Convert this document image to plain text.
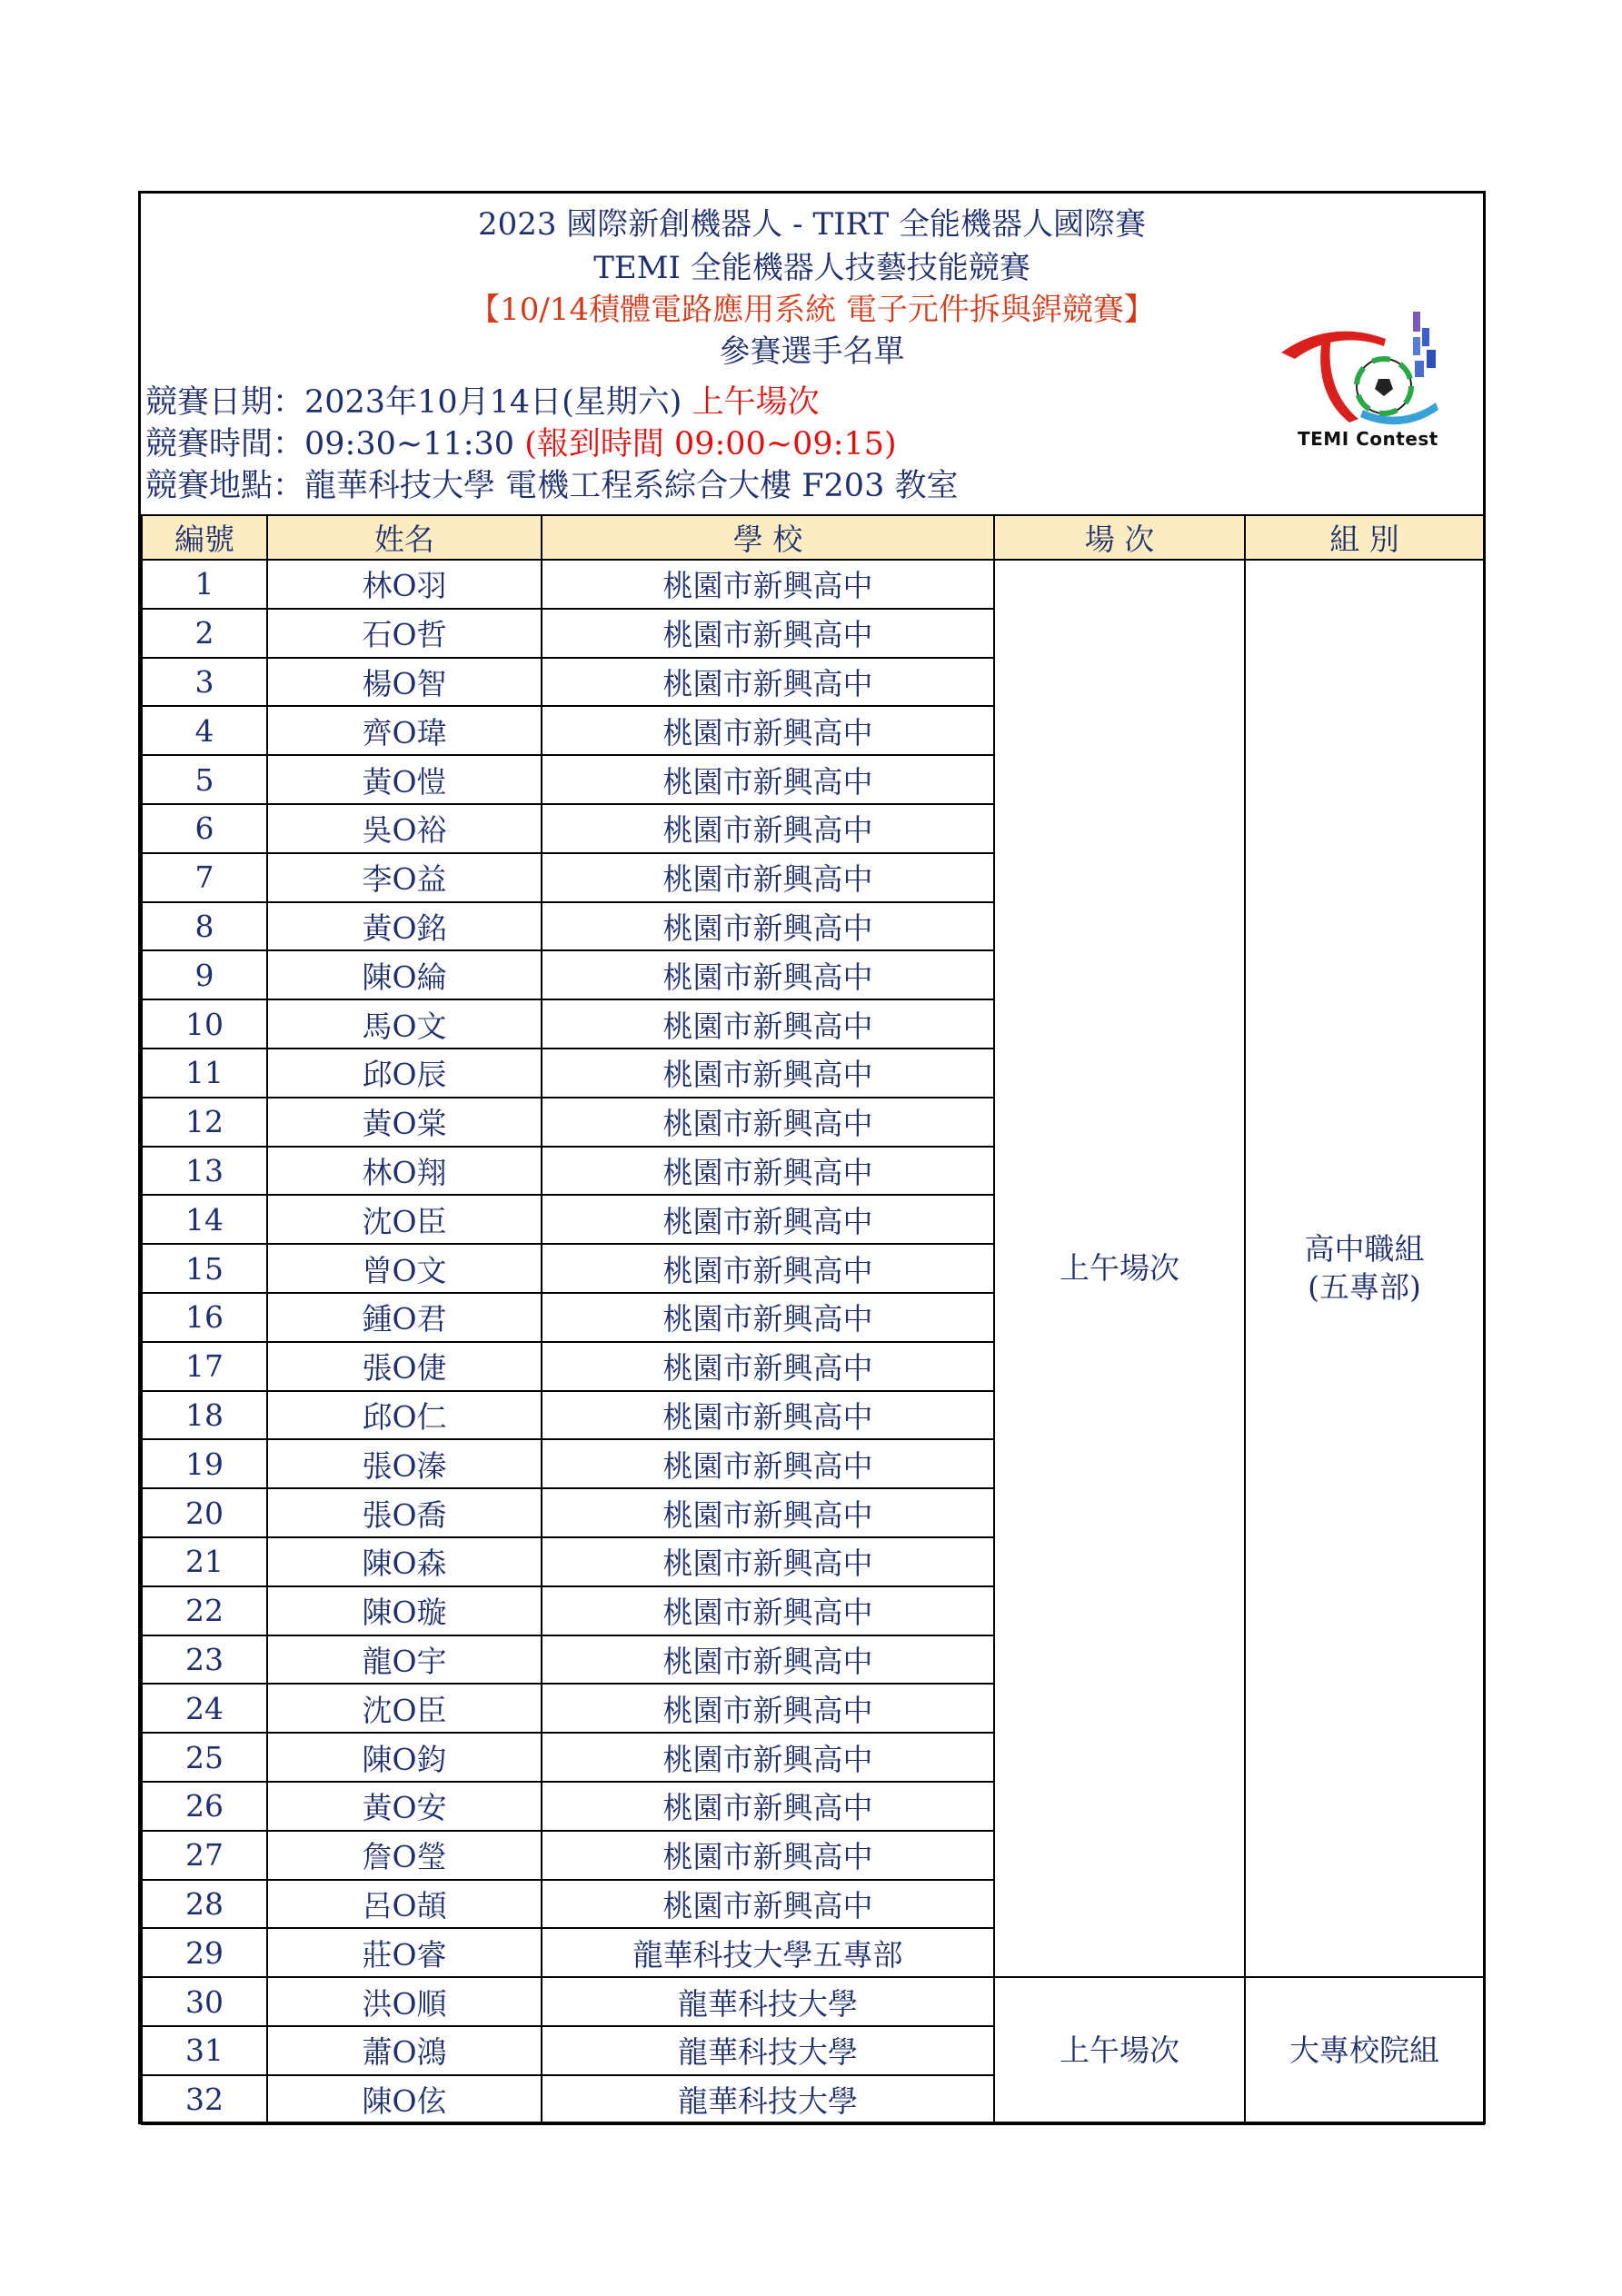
2023 國際新創機器人 - TIRT 全能機器人國際賽
TEMI 全能機器人技藝技能競賽
【10/14積體電路應用系統 電子元件拆與銲競賽】
參賽選手名單
競賽日期：2023年10月14日(星期六) 上午場次
競賽時間：09:30~11:30 (報到時間 09:00~09:15)
競賽地點：龍華科技大學 電機工程系綜合大樓 F203 教室
TEMI Contest
編號	姓名	學 校	場 次	組 別
1	林O羽	桃園市新興高中	上午場次	高中職組
(五專部)

2	石O哲	桃園市新興高中		
3	楊O智	桃園市新興高中		
4	齊O瑋	桃園市新興高中		
5	黃O愷	桃園市新興高中		
6	吳O裕	桃園市新興高中		
7	李O益	桃園市新興高中		
8	黃O銘	桃園市新興高中		
9	陳O綸	桃園市新興高中		
10	馬O文	桃園市新興高中		
11	邱O辰	桃園市新興高中		
12	黃O棠	桃園市新興高中		
13	林O翔	桃園市新興高中		
14	沈O臣	桃園市新興高中		
15	曾O文	桃園市新興高中		
16	鍾O君	桃園市新興高中		
17	張O倢	桃園市新興高中		
18	邱O仁	桃園市新興高中		
19	張O溱	桃園市新興高中		
20	張O喬	桃園市新興高中		
21	陳O森	桃園市新興高中		
22	陳O璇	桃園市新興高中		
23	龍O宇	桃園市新興高中		
24	沈O臣	桃園市新興高中		
25	陳O鈞	桃園市新興高中		
26	黃O安	桃園市新興高中		
27	詹O瑩	桃園市新興高中		
28	呂O頡	桃園市新興高中		
29	莊O睿	龍華科技大學五專部		
30	洪O順	龍華科技大學	上午場次	大專校院組
31	蕭O鴻	龍華科技大學		
32	陳O伭	龍華科技大學		
